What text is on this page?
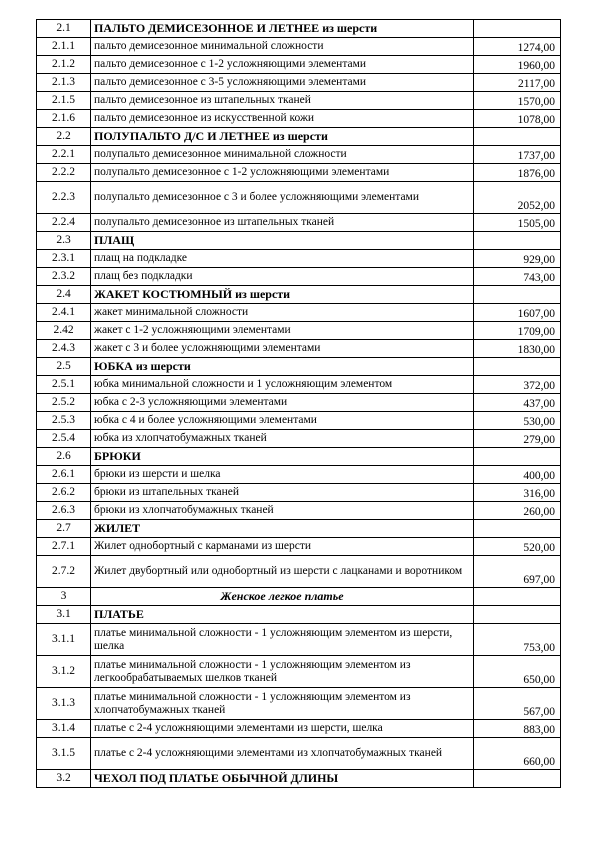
2.1	ПАЛЬТО ДЕМИСЕЗОННОЕ И ЛЕТНЕЕ из шерсти	
2.1.1	пальто демисезонное минимальной сложности	1274,00
2.1.2	пальто демисезонное с 1-2 усложняющими элементами	1960,00
2.1.3	пальто демисезонное с 3-5 усложняющими элементами	2117,00
2.1.5	пальто демисезонное из штапельных тканей	1570,00
2.1.6	пальто демисезонное из искусственной кожи	1078,00
2.2	ПОЛУПАЛЬТО Д/С И ЛЕТНЕЕ из шерсти	
2.2.1	полупальто демисезонное минимальной сложности	1737,00
2.2.2	полупальто демисезонное с 1-2 усложняющими элементами	1876,00
2.2.3	полупальто демисезонное с 3 и более усложняющими элементами	2052,00
2.2.4	полупальто демисезонное из штапельных тканей	1505,00
2.3	ПЛАЩ	
2.3.1	плащ на подкладке	929,00
2.3.2	плащ без подкладки	743,00
2.4	ЖАКЕТ КОСТЮМНЫЙ из шерсти	
2.4.1	жакет минимальной сложности	1607,00
2.42	жакет с 1-2 усложняющими элементами	1709,00
2.4.3	жакет с 3 и более усложняющими элементами	1830,00
2.5	ЮБКА из шерсти	
2.5.1	юбка минимальной сложности и 1 усложняющим элементом	372,00
2.5.2	юбка с 2-3 усложняющими элементами	437,00
2.5.3	юбка с 4 и более усложняющими элементами	530,00
2.5.4	юбка из хлопчатобумажных тканей	279,00
2.6	БРЮКИ	
2.6.1	брюки из шерсти и шелка	400,00
2.6.2	брюки из штапельных тканей	316,00
2.6.3	брюки из хлопчатобумажных тканей	260,00
2.7	ЖИЛЕТ	
2.7.1	Жилет однобортный с карманами из шерсти	520,00
2.7.2	Жилет двубортный или однобортный из шерсти с лацканами и воротником	697,00
3	Женское легкое платье	
3.1	ПЛАТЬЕ	
3.1.1	платье минимальной сложности - 1 усложняющим элементом из шерсти, шелка	753,00
3.1.2	платье минимальной сложности - 1 усложняющим элементом из легкообрабатываемых шелков тканей	650,00
3.1.3	платье минимальной сложности - 1 усложняющим элементом из хлопчатобумажных тканей	567,00
3.1.4	платье с 2-4 усложняющими элементами из шерсти, шелка	883,00
3.1.5	платье с 2-4 усложняющими элементами из хлопчатобумажных тканей	660,00
3.2	ЧЕХОЛ ПОД ПЛАТЬЕ ОБЫЧНОЙ ДЛИНЫ	
